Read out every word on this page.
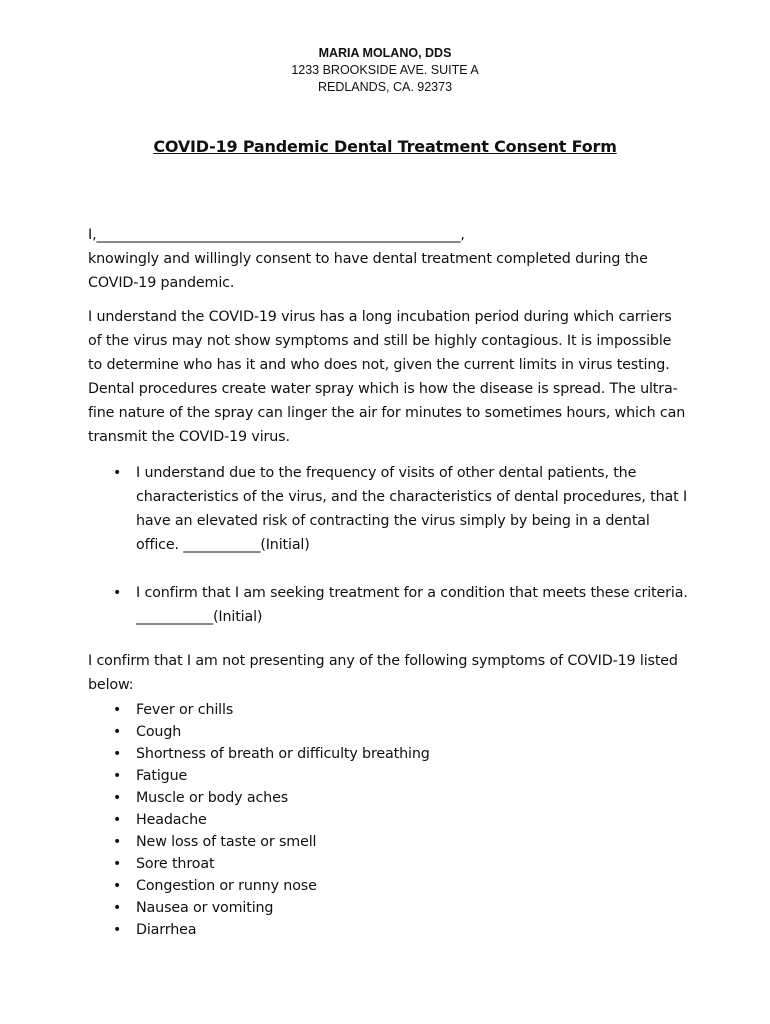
MARIA MOLANO, DDS
1233 BROOKSIDE AVE. SUITE A
REDLANDS, CA. 92373
COVID-19 Pandemic Dental Treatment Consent Form
I,____________________________________________________,
knowingly and willingly consent to have dental treatment completed during the COVID-19 pandemic.
I understand the COVID-19 virus has a long incubation period during which carriers of the virus may not show symptoms and still be highly contagious. It is impossible to determine who has it and who does not, given the current limits in virus testing. Dental procedures create water spray which is how the disease is spread. The ultra-fine nature of the spray can linger the air for minutes to sometimes hours, which can transmit the COVID-19 virus.
• I understand due to the frequency of visits of other dental patients, the characteristics of the virus, and the characteristics of dental procedures, that I have an elevated risk of contracting the virus simply by being in a dental office. ___________(Initial)
• I confirm that I am seeking treatment for a condition that meets these criteria. ___________(Initial)
I confirm that I am not presenting any of the following symptoms of COVID-19 listed below:
• Fever or chills
• Cough
• Shortness of breath or difficulty breathing
• Fatigue
• Muscle or body aches
• Headache
• New loss of taste or smell
• Sore throat
• Congestion or runny nose
• Nausea or vomiting
• Diarrhea
